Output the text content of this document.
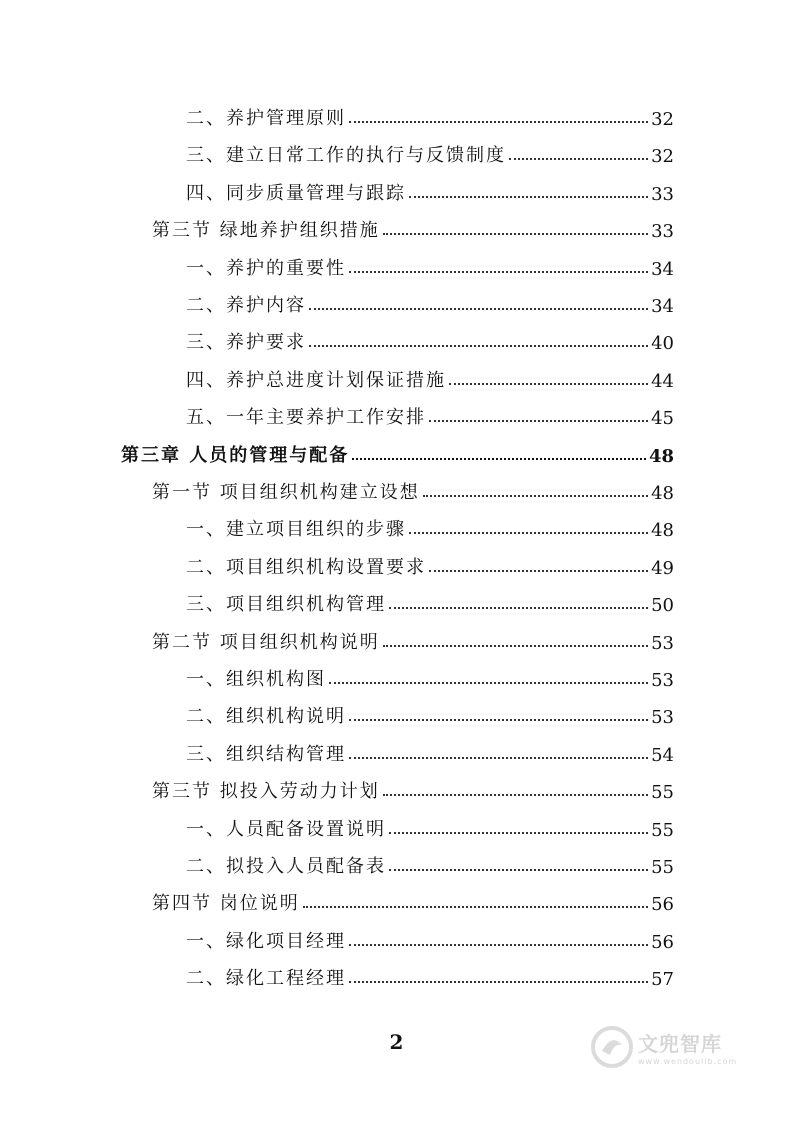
二、养护管理原则	32
三、建立日常工作的执行与反馈制度	32
四、同步质量管理与跟踪	33
第三节 绿地养护组织措施	33
一、养护的重要性	34
二、养护内容	34
三、养护要求	40
四、养护总进度计划保证措施	44
五、一年主要养护工作安排	45
第三章 人员的管理与配备	48
第一节 项目组织机构建立设想	48
一、建立项目组织的步骤	48
二、项目组织机构设置要求	49
三、项目组织机构管理	50
第二节 项目组织机构说明	53
一、组织机构图	53
二、组织机构说明	53
三、组织结构管理	54
第三节 拟投入劳动力计划	55
一、人员配备设置说明	55
二、拟投入人员配备表	55
第四节 岗位说明	56
一、绿化项目经理	56
二、绿化工程经理	57
2	文兜智库
www.wendoulib.com
